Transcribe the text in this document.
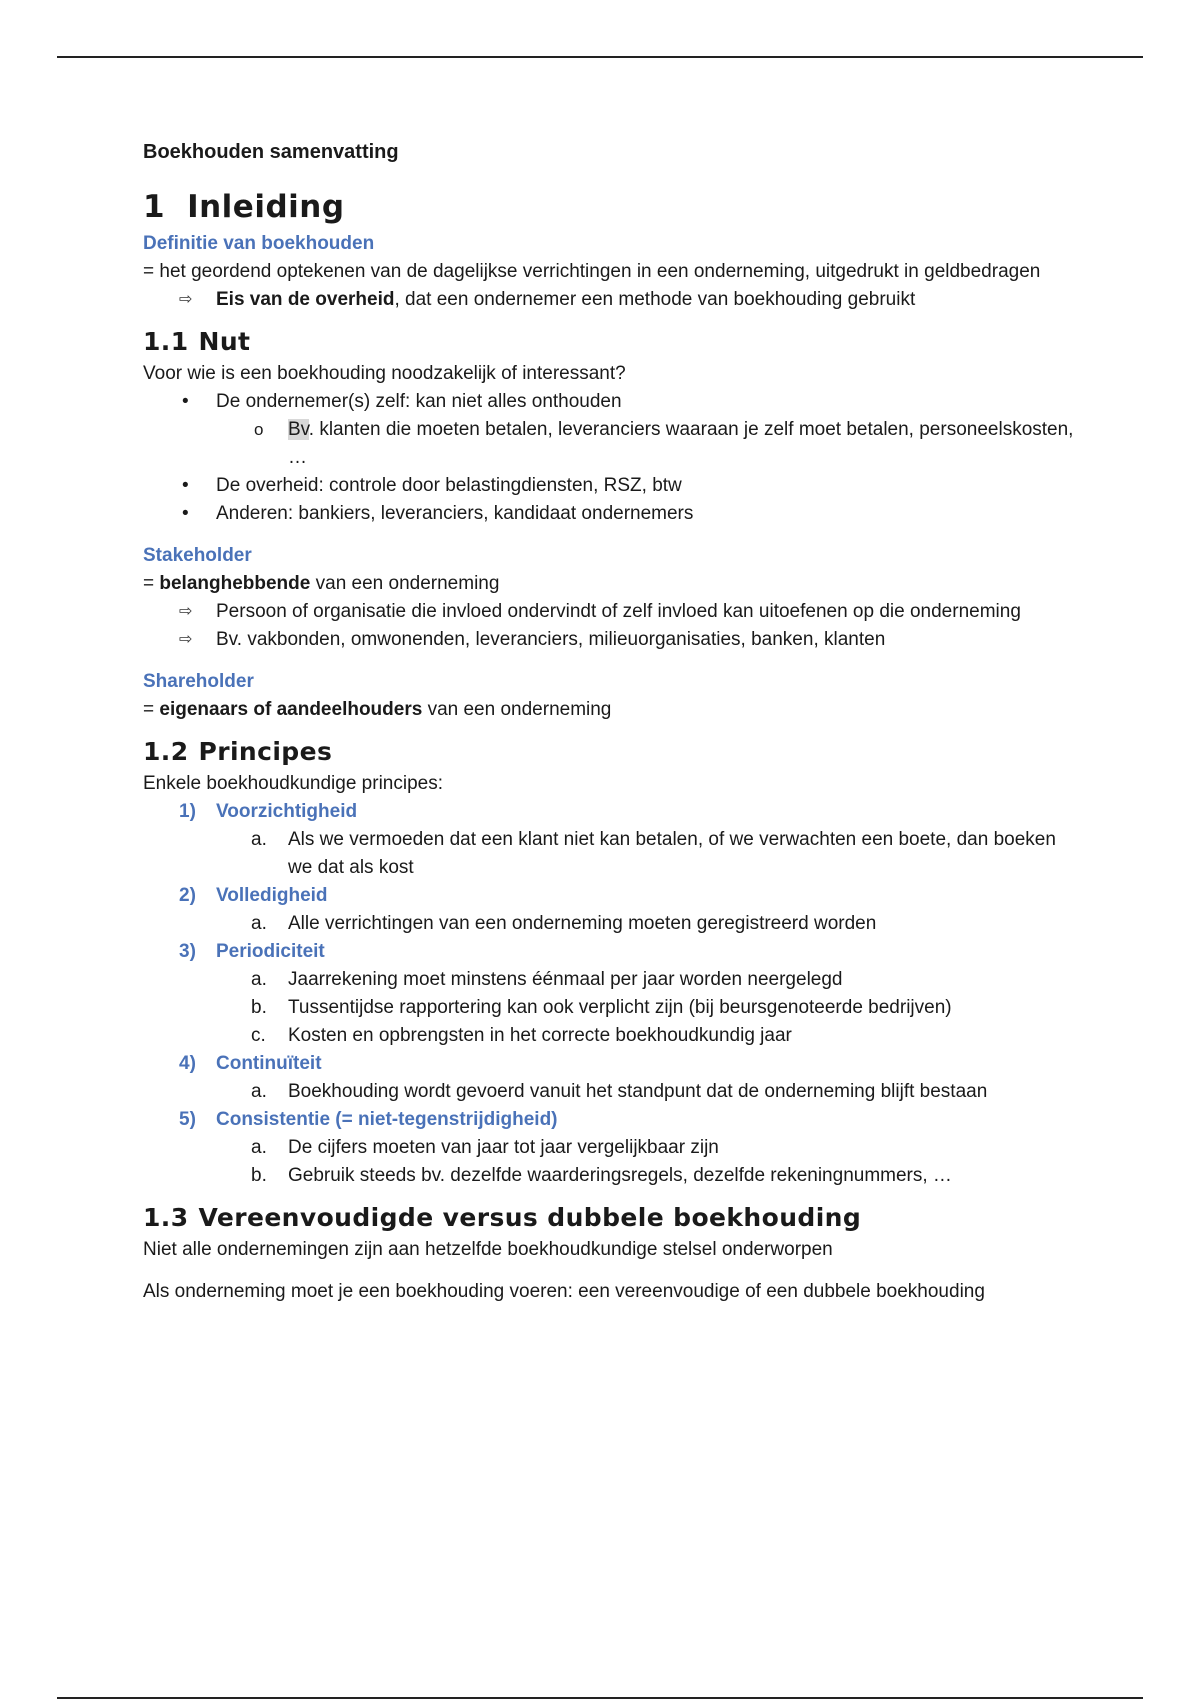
Boekhouden samenvatting
1 Inleiding
Definitie van boekhouden

= het geordend optekenen van de dagelijkse verrichtingen in een onderneming, uitgedrukt in geldbedragen

⇨ Eis van de overheid, dat een ondernemer een methode van boekhouding gebruikt
1.1 Nut

Voor wie is een boekhouding noodzakelijk of interessant?

• De ondernemer(s) zelf: kan niet alles onthouden
o Bv. klanten die moeten betalen, leveranciers waaraan je zelf moet betalen, personeelskosten, …
• De overheid: controle door belastingdiensten, RSZ, btw
• Anderen: bankiers, leveranciers, kandidaat ondernemers
Stakeholder

= belanghebbende van een onderneming

⇨ Persoon of organisatie die invloed ondervindt of zelf invloed kan uitoefenen op die onderneming
⇨ Bv. vakbonden, omwonenden, leveranciers, milieuorganisaties, banken, klanten
Shareholder

= eigenaars of aandeelhouders van een onderneming

1.2 Principes

Enkele boekhoudkundige principes:

1) Voorzichtigheid
a. Als we vermoeden dat een klant niet kan betalen, of we verwachten een boete, dan boeken we dat als kost
2) Volledigheid
a. Alle verrichtingen van een onderneming moeten geregistreerd worden
3) Periodiciteit
a. Jaarrekening moet minstens éénmaal per jaar worden neergelegd
b. Tussentijdse rapportering kan ook verplicht zijn (bij beursgenoteerde bedrijven)
c. Kosten en opbrengsten in het correcte boekhoudkundig jaar
4) Continuïteit
a. Boekhouding wordt gevoerd vanuit het standpunt dat de onderneming blijft bestaan
5) Consistentie (= niet-tegenstrijdigheid)
a. De cijfers moeten van jaar tot jaar vergelijkbaar zijn
b. Gebruik steeds bv. dezelfde waarderingsregels, dezelfde rekeningnummers, …
1.3 Vereenvoudigde versus dubbele boekhouding

Niet alle ondernemingen zijn aan hetzelfde boekhoudkundige stelsel onderworpen

Als onderneming moet je een boekhouding voeren: een vereenvoudige of een dubbele boekhouding
